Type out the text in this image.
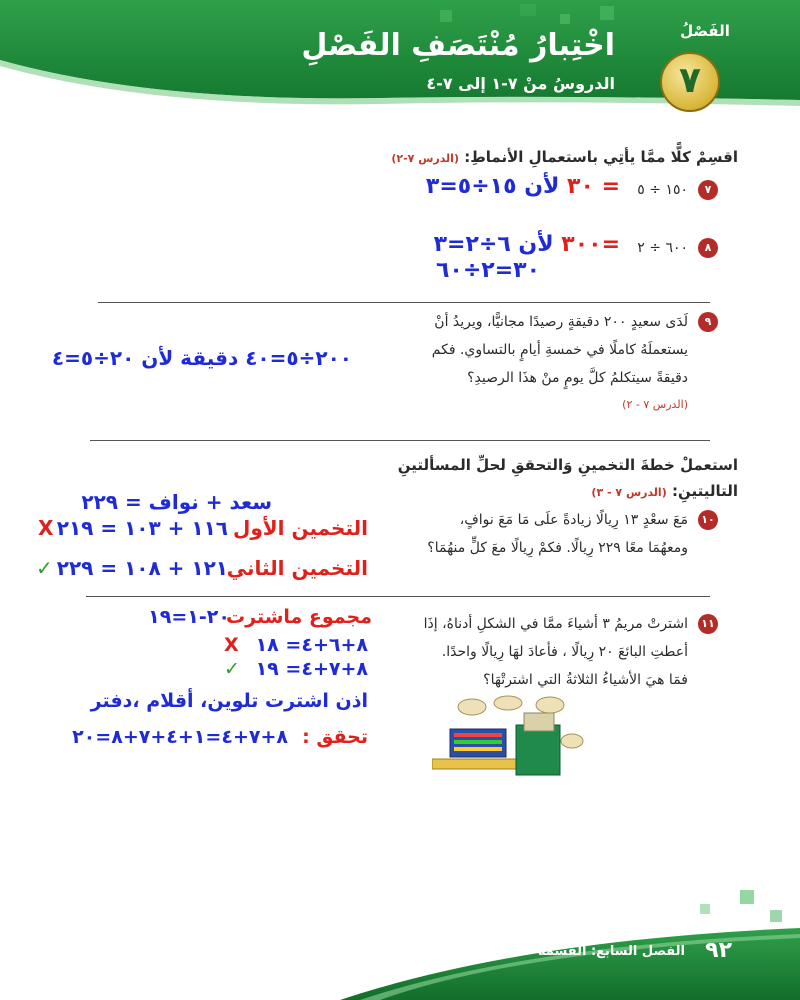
اخْتِبارُ مُنْتَصَفِ الفَصْلِ
الدروسُ منْ ٧-١ إلى ٧-٤
الفَصْلُ
٧
اقسِمْ كلًّا ممَّا يأتِي باستعمالِ الأنماطِ: (الدرس ٧-٢)
٧
١٥٠ ÷ ٥
= ٣٠ لأن ١٥÷٥=٣
٨
٦٠٠ ÷ ٢
=٣٠٠ لأن ٦÷٢=٣
٣٠=٢÷٦٠
٩
لَدَى سعيدٍ ٢٠٠ دقيقةٍ رصيدًا مجانيًّا، ويريدُ أنْ
يستعملَهُ كاملًا في خمسةِ أيامٍ بالتساوي. فكم
دقيقةً سيتكلمُ كلَّ يومٍ منْ هذَا الرصيدِ؟
(الدرس ٧ - ٢)
٢٠٠÷٥=٤٠ دقيقة لأن ٢٠÷٥=٤
استعملْ خطةَ التخمينِ وَالتحققِ لحلِّ المسألتينِ
التاليتينِ: (الدرس ٧ - ٣)
١٠
مَعَ سعْدٍ ١٣ رِيالًا زيادةً علَى مَا مَعَ نوافٍ،
ومعهُمَا معًا ٢٢٩ رِيالًا. فكمْ رِيالًا معَ كلٍّ منهُمَا؟
سعد + نواف = ٢٢٩
التخمين الأول
١١٦ + ١٠٣ = ٢١٩
X
التخمين الثاني
١٢١ + ١٠٨ = ٢٢٩
✓
١١
اشترتْ مريمُ ٣ أشياءَ ممَّا في الشكلِ أدناهُ، إذَا
أعطتِ البائعَ ٢٠ رِيالًا ، فأعادَ لهَا رِيالًا واحدًا.
فمَا هيَ الأشياءُ الثلاثةُ التي اشترتْهَا؟
مجموع ماشترت
٢٠-١=١٩
٨+٦+٤= ١٨
X
٨+٧+٤= ١٩
✓
اذن اشترت تلوين، أقلام ،دفتر
تحقق :
٨+٧+٤=١+٤+٧+٨=٢٠
٩٢
الفصل السابع: القسمة على عدد من رقم واحد
